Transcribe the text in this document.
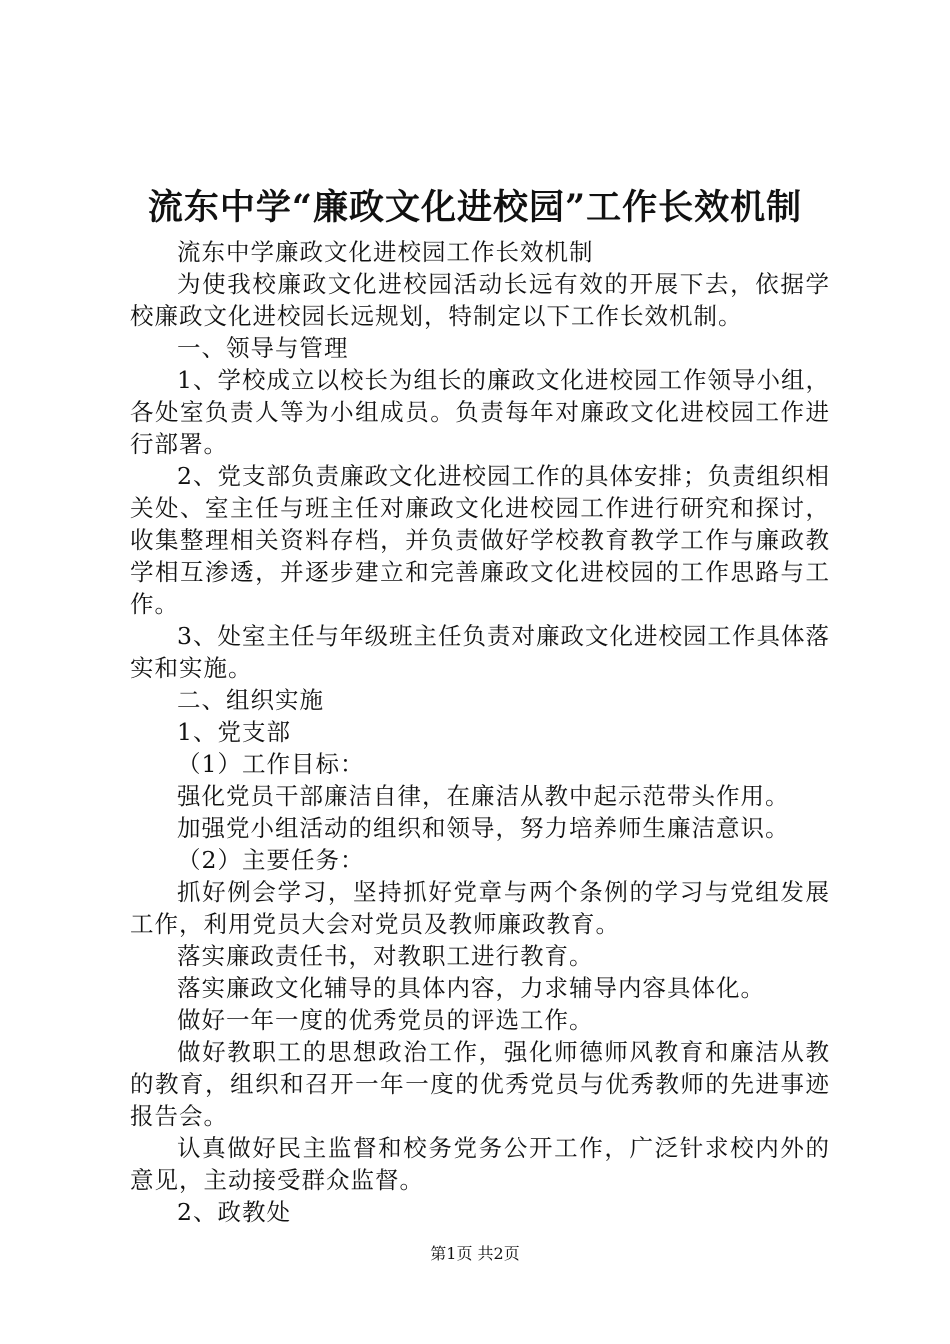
流东中学“廉政文化进校园”工作长效机制

流东中学廉政文化进校园工作长效机制

为使我校廉政文化进校园活动长远有效的开展下去，依据学校廉政文化进校园长远规划，特制定以下工作长效机制。

一、领导与管理

1、学校成立以校长为组长的廉政文化进校园工作领导小组，各处室负责人等为小组成员。负责每年对廉政文化进校园工作进行部署。

2、党支部负责廉政文化进校园工作的具体安排；负责组织相关处、室主任与班主任对廉政文化进校园工作进行研究和探讨，收集整理相关资料存档，并负责做好学校教育教学工作与廉政教学相互渗透，并逐步建立和完善廉政文化进校园的工作思路与工作。

3、处室主任与年级班主任负责对廉政文化进校园工作具体落实和实施。

二、组织实施

1、党支部

（1）工作目标：

强化党员干部廉洁自律，在廉洁从教中起示范带头作用。

加强党小组活动的组织和领导，努力培养师生廉洁意识。

（2）主要任务：

抓好例会学习，坚持抓好党章与两个条例的学习与党组发展工作，利用党员大会对党员及教师廉政教育。

落实廉政责任书，对教职工进行教育。

落实廉政文化辅导的具体内容，力求辅导内容具体化。

做好一年一度的优秀党员的评选工作。

做好教职工的思想政治工作，强化师德师风教育和廉洁从教的教育，组织和召开一年一度的优秀党员与优秀教师的先进事迹报告会。

认真做好民主监督和校务党务公开工作，广泛针求校内外的意见，主动接受群众监督。

2、政教处

第1页 共2页
